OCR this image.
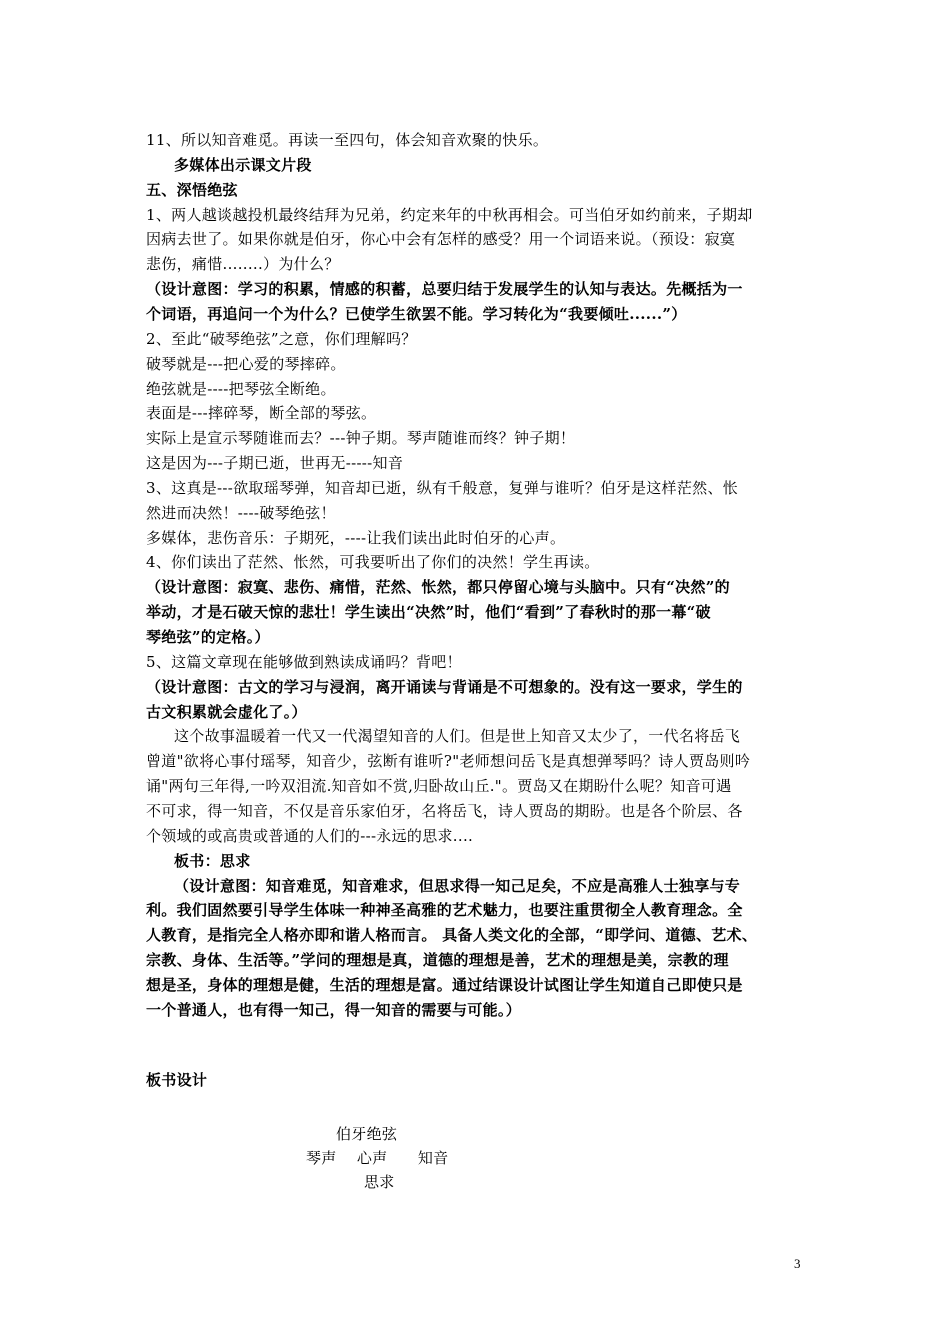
11、所以知音难觅。再读一至四句，体会知音欢聚的快乐。
多媒体出示课文片段
五、深悟绝弦
1、两人越谈越投机最终结拜为兄弟，约定来年的中秋再相会。可当伯牙如约前来，子期却
因病去世了。如果你就是伯牙，你心中会有怎样的感受？用一个词语来说。（预设：寂寞
悲伤，痛惜........）为什么？
（设计意图：学习的积累，情感的积蓄，总要归结于发展学生的认知与表达。先概括为一
个词语，再追问一个为什么？已使学生欲罢不能。学习转化为“我要倾吐......”）
2、至此“破琴绝弦”之意，你们理解吗？
破琴就是---把心爱的琴摔碎。
绝弦就是----把琴弦全断绝。
表面是---摔碎琴，断全部的琴弦。
实际上是宣示琴随谁而去？---钟子期。琴声随谁而终？钟子期！
这是因为---子期已逝，世再无-----知音
3、这真是---欲取瑶琴弹，知音却已逝，纵有千般意，复弹与谁听？伯牙是这样茫然、怅
然进而决然！----破琴绝弦！
多媒体，悲伤音乐：子期死，----让我们读出此时伯牙的心声。
4、你们读出了茫然、怅然，可我要听出了你们的决然！学生再读。
（设计意图：寂寞、悲伤、痛惜，茫然、怅然，都只停留心境与头脑中。只有“决然”的
举动，才是石破天惊的悲壮！学生读出“决然”时，他们“看到”了春秋时的那一幕“破
琴绝弦”的定格。）
5、这篇文章现在能够做到熟读成诵吗？背吧！
（设计意图：古文的学习与浸润，离开诵读与背诵是不可想象的。没有这一要求，学生的
古文积累就会虚化了。）
这个故事温暖着一代又一代渴望知音的人们。但是世上知音又太少了，一代名将岳飞
曾道"欲将心事付瑶琴，知音少，弦断有谁听?"老师想问岳飞是真想弹琴吗？诗人贾岛则吟
诵"两句三年得,一吟双泪流.知音如不赏,归卧故山丘."。贾岛又在期盼什么呢？知音可遇
不可求，得一知音，不仅是音乐家伯牙，名将岳飞，诗人贾岛的期盼。也是各个阶层、各
个领域的或高贵或普通的人们的---永远的思求....
板书：思求
（设计意图：知音难觅，知音难求，但思求得一知己足矣，不应是高雅人士独享与专
利。我们固然要引导学生体味一种神圣高雅的艺术魅力，也要注重贯彻全人教育理念。全
人教育，是指完全人格亦即和谐人格而言。 具备人类文化的全部，“即学问、道德、艺术、
宗教、身体、生活等。”学问的理想是真，道德的理想是善，艺术的理想是美，宗教的理
想是圣，身体的理想是健，生活的理想是富。通过结课设计试图让学生知道自己即使只是
一个普通人，也有得一知己，得一知音的需要与可能。）
板书设计
伯牙绝弦
琴声    心声      知音
思求
3
